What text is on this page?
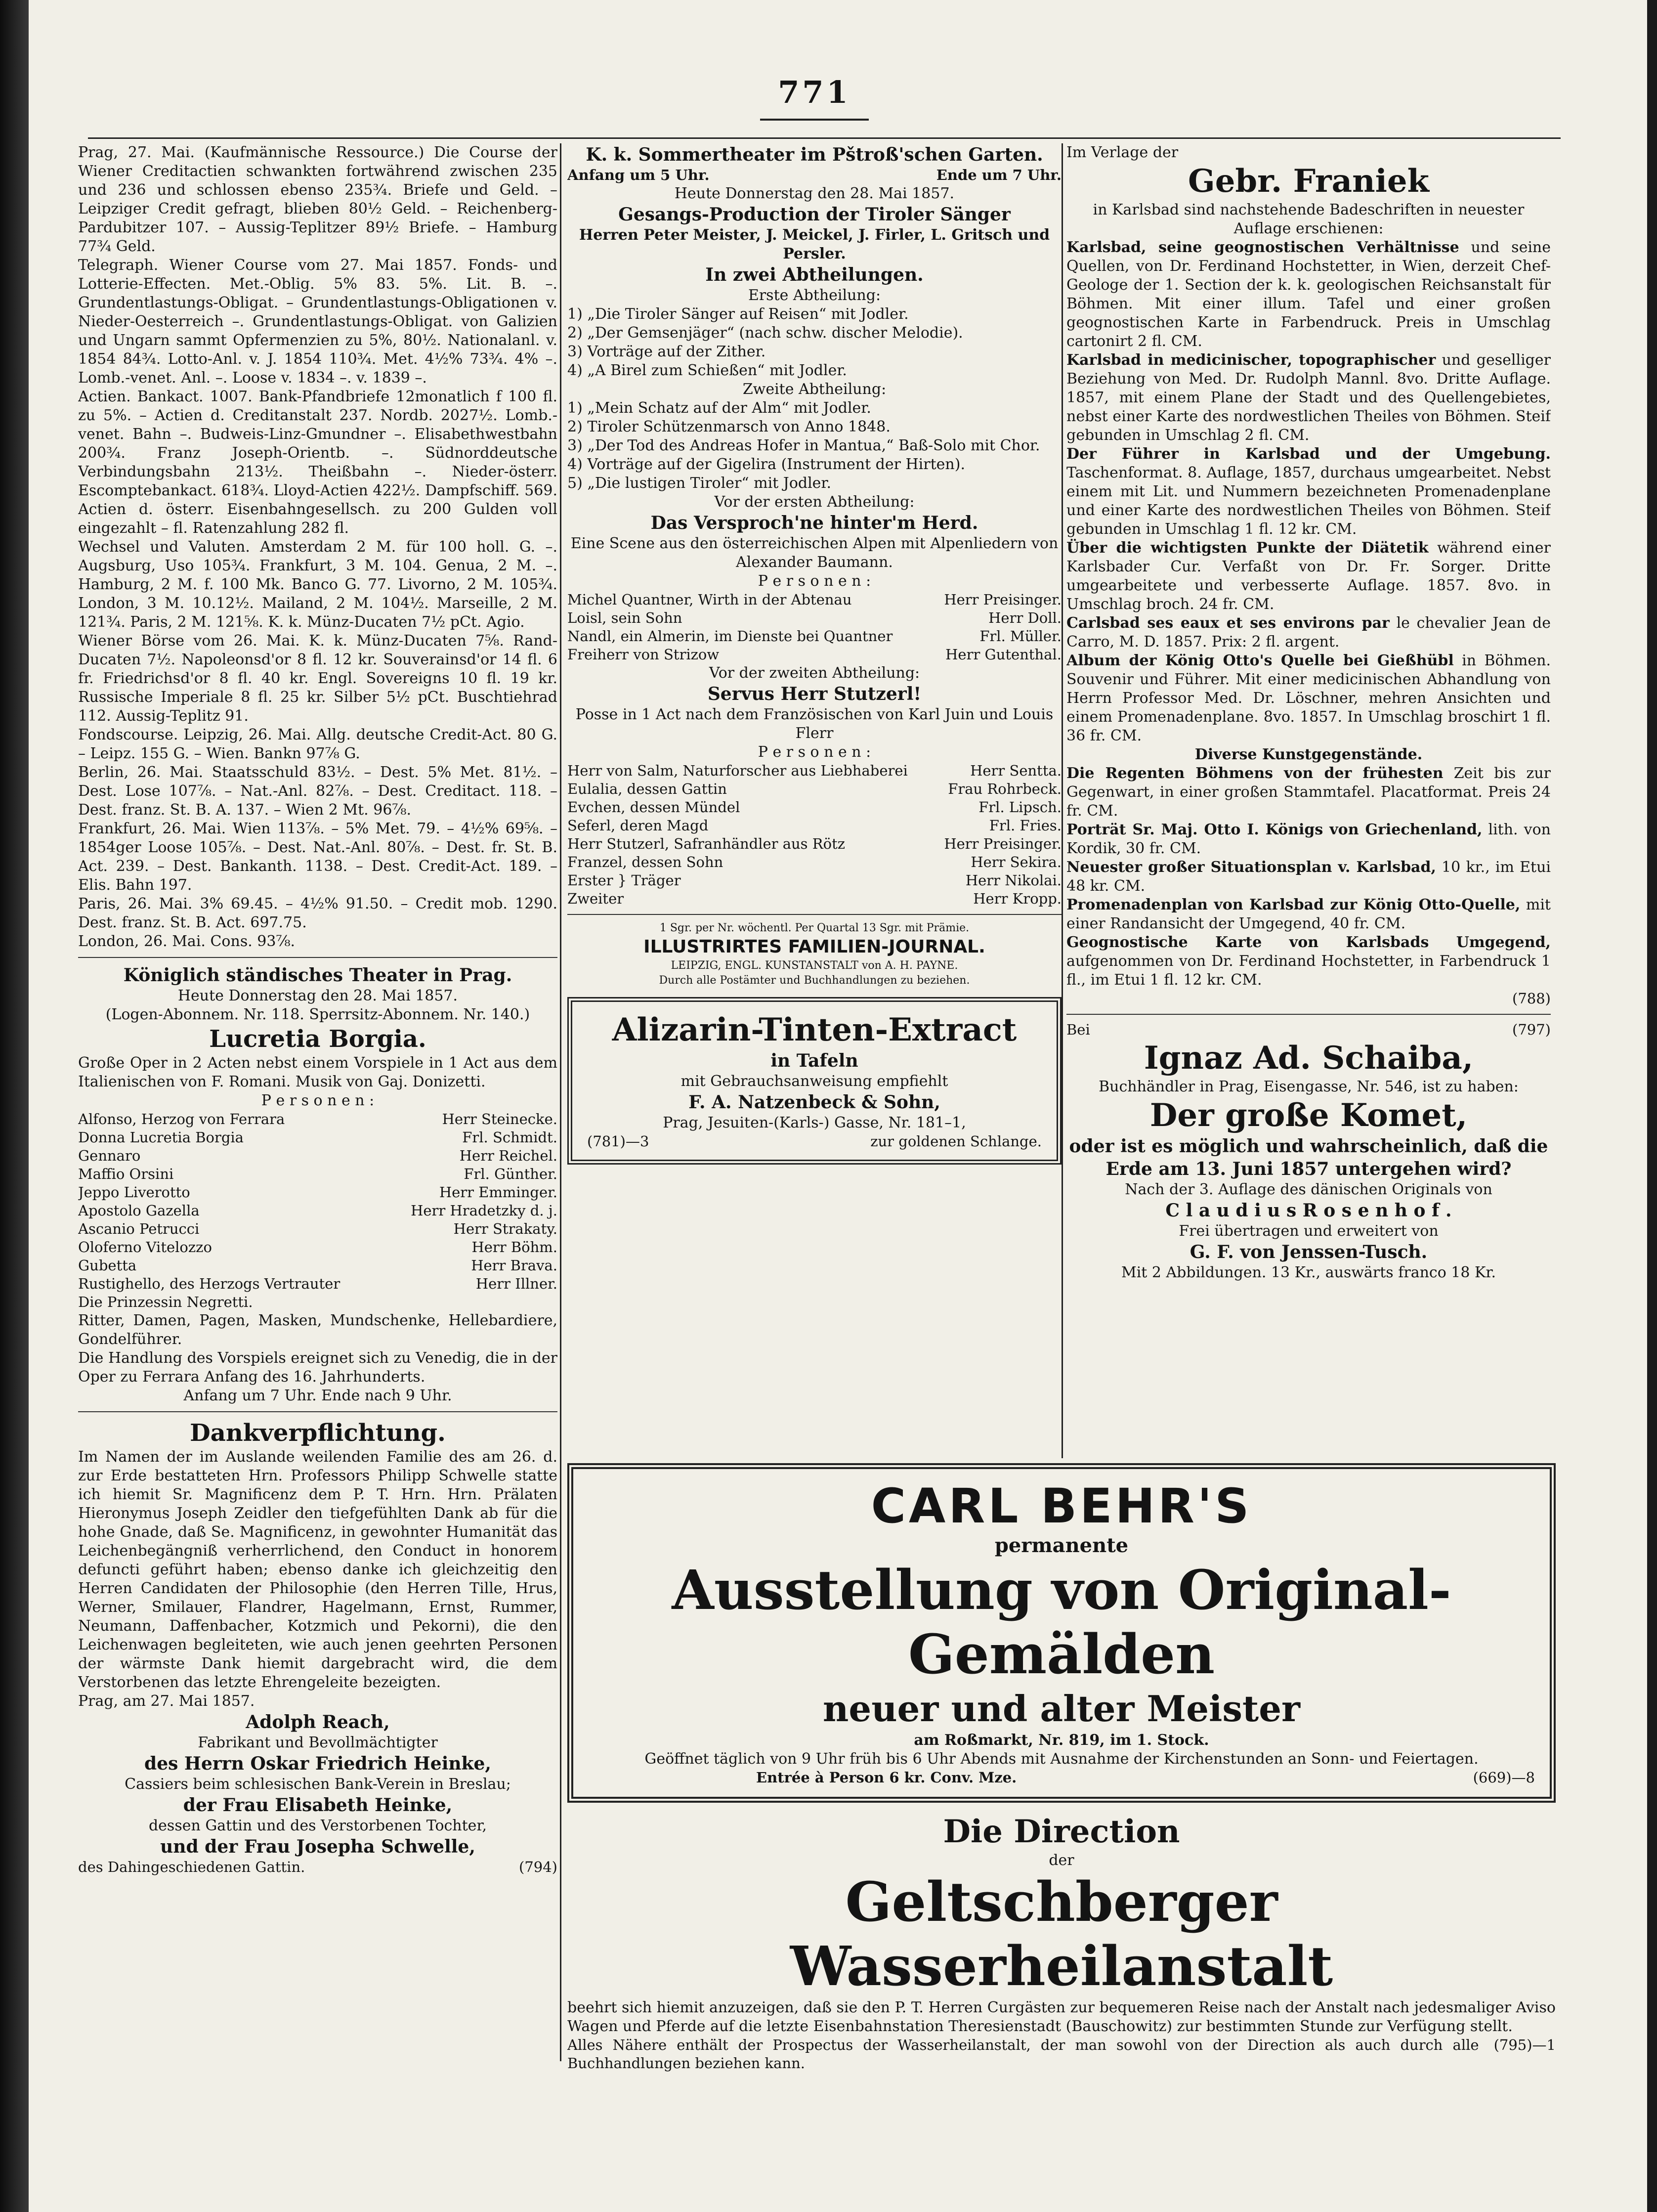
771

Prag, 27. Mai. (Kaufmännische Ressource.) Die Course der Wiener Creditactien schwankten fortwährend zwischen 235 und 236 und schlossen ebenso 235¾. Briefe und Geld. – Leipziger Credit gefragt, blieben 80½ Geld. – Reichenberg-Pardubitzer 107. – Aussig-Teplitzer 89½ Briefe. – Hamburg 77¾ Geld.

Telegraph. Wiener Course vom 27. Mai 1857. Fonds- und Lotterie-Effecten. Met.-Oblig. 5% 83. 5%. Lit. B. –. Grundentlastungs-Obligat. – Grundentlastungs-Obligationen v. Nieder-Oesterreich –. Grundentlastungs-Obligat. von Galizien und Ungarn sammt Opfermenzien zu 5%, 80½. Nationalanl. v. 1854 84¾. Lotto-Anl. v. J. 1854 110¾. Met. 4½% 73¾. 4% –. Lomb.-venet. Anl. –. Loose v. 1834 –. v. 1839 –.

Actien. Bankact. 1007. Bank-Pfandbriefe 12monatlich f 100 fl. zu 5%. – Actien d. Creditanstalt 237. Nordb. 2027½. Lomb.-venet. Bahn –. Budweis-Linz-Gmundner –. Elisabethwestbahn 200¾. Franz Joseph-Orientb. –. Südnorddeutsche Verbindungsbahn 213½. Theißbahn –. Nieder-österr. Escomptebankact. 618¾. Lloyd-Actien 422½. Dampfschiff. 569. Actien d. österr. Eisenbahngesellsch. zu 200 Gulden voll eingezahlt – fl. Ratenzahlung 282 fl.

Wechsel und Valuten. Amsterdam 2 M. für 100 holl. G. –. Augsburg, Uso 105¾. Frankfurt, 3 M. 104. Genua, 2 M. –. Hamburg, 2 M. f. 100 Mk. Banco G. 77. Livorno, 2 M. 105¾. London, 3 M. 10.12½. Mailand, 2 M. 104½. Marseille, 2 M. 121¾. Paris, 2 M. 121⅝. K. k. Münz-Ducaten 7½ pCt. Agio.

Wiener Börse vom 26. Mai. K. k. Münz-Ducaten 7⅝. Rand-Ducaten 7½. Napoleonsd'or 8 fl. 12 kr. Souverainsd'or 14 fl. 6 fr. Friedrichsd'or 8 fl. 40 kr. Engl. Sovereigns 10 fl. 19 kr. Russische Imperiale 8 fl. 25 kr. Silber 5½ pCt. Buschtiehrad 112. Aussig-Teplitz 91.

Fondscourse. Leipzig, 26. Mai. Allg. deutsche Credit-Act. 80 G. – Leipz. 155 G. – Wien. Bankn 97⅞ G.

Berlin, 26. Mai. Staatsschuld 83½. – Dest. 5% Met. 81½. – Dest. Lose 107⅞. – Nat.-Anl. 82⅞. – Dest. Creditact. 118. – Dest. franz. St. B. A. 137. – Wien 2 Mt. 96⅞.

Frankfurt, 26. Mai. Wien 113⅞. – 5% Met. 79. – 4½% 69⅝. – 1854ger Loose 105⅞. – Dest. Nat.-Anl. 80⅞. – Dest. fr. St. B. Act. 239. – Dest. Bankanth. 1138. – Dest. Credit-Act. 189. – Elis. Bahn 197.

Paris, 26. Mai. 3% 69.45. – 4½% 91.50. – Credit mob. 1290. Dest. franz. St. B. Act. 697.75.

London, 26. Mai. Cons. 93⅞.

Königlich ständisches Theater in Prag.
Heute Donnerstag den 28. Mai 1857.
(Logen-Abonnem. Nr. 118. Sperrsitz-Abonnem. Nr. 140.)
Lucretia Borgia.

Große Oper in 2 Acten nebst einem Vorspiele in 1 Act aus dem Italienischen von F. Romani. Musik von Gaj. Donizetti.

P e r s o n e n :
Alfonso, Herzog von Ferrara	Herr Steinecke.
Donna Lucretia Borgia	Frl. Schmidt.
Gennaro	Herr Reichel.
Maffio Orsini	Frl. Günther.
Jeppo Liverotto	Herr Emminger.
Apostolo Gazella	Herr Hradetzky d. j.
Ascanio Petrucci	Herr Strakaty.
Oloferno Vitelozzo	Herr Böhm.
Gubetta	Herr Brava.
Rustighello, des Herzogs Vertrauter	Herr Illner.
Die Prinzessin Negretti.

Ritter, Damen, Pagen, Masken, Mundschenke, Hellebardiere, Gondelführer.

Die Handlung des Vorspiels ereignet sich zu Venedig, die in der Oper zu Ferrara Anfang des 16. Jahrhunderts.

Anfang um 7 Uhr. Ende nach 9 Uhr.
Dankverpflichtung.

Im Namen der im Auslande weilenden Familie des am 26. d. zur Erde bestatteten Hrn. Professors Philipp Schwelle statte ich hiemit Sr. Magnificenz dem P. T. Hrn. Hrn. Prälaten Hieronymus Joseph Zeidler den tiefgefühlten Dank ab für die hohe Gnade, daß Se. Magnificenz, in gewohnter Humanität das Leichenbegängniß verherrlichend, den Conduct in honorem defuncti geführt haben; ebenso danke ich gleichzeitig den Herren Candidaten der Philosophie (den Herren Tille, Hrus, Werner, Smilauer, Flandrer, Hagelmann, Ernst, Rummer, Neumann, Daffenbacher, Kotzmich und Pekorni), die den Leichenwagen begleiteten, wie auch jenen geehrten Personen der wärmste Dank hiemit dargebracht wird, die dem Verstorbenen das letzte Ehrengeleite bezeigten.

Prag, am 27. Mai 1857.
Adolph Reach,
Fabrikant und Bevollmächtigter
des Herrn Oskar Friedrich Heinke,
Cassiers beim schlesischen Bank-Verein in Breslau;
der Frau Elisabeth Heinke,
dessen Gattin und des Verstorbenen Tochter,
und der Frau Josepha Schwelle,
des Dahingeschiedenen Gattin.	(794)
K. k. Sommertheater im Pštroß'schen Garten.
Anfang um 5 Uhr.	Ende um 7 Uhr.
Heute Donnerstag den 28. Mai 1857.
Gesangs-Production der Tiroler Sänger
Herren Peter Meister, J. Meickel, J. Firler, L. Gritsch und Persler.
In zwei Abtheilungen.
Erste Abtheilung:
1) „Die Tiroler Sänger auf Reisen“ mit Jodler.
2) „Der Gemsenjäger“ (nach schw. discher Melodie).
3) Vorträge auf der Zither.
4) „A Birel zum Schießen“ mit Jodler.
Zweite Abtheilung:
1) „Mein Schatz auf der Alm“ mit Jodler.
2) Tiroler Schützenmarsch von Anno 1848.
3) „Der Tod des Andreas Hofer in Mantua,“ Baß-Solo mit Chor.
4) Vorträge auf der Gigelira (Instrument der Hirten).
5) „Die lustigen Tiroler“ mit Jodler.
Vor der ersten Abtheilung:
Das Versproch'ne hinter'm Herd.

Eine Scene aus den österreichischen Alpen mit Alpenliedern von Alexander Baumann.

P e r s o n e n :
Michel Quantner, Wirth in der Abtenau	Herr Preisinger.
Loisl, sein Sohn	Herr Doll.
Nandl, ein Almerin, im Dienste bei Quantner	Frl. Müller.
Freiherr von Strizow	Herr Gutenthal.
Vor der zweiten Abtheilung:
Servus Herr Stutzerl!

Posse in 1 Act nach dem Französischen von Karl Juin und Louis Flerr

P e r s o n e n :
Herr von Salm, Naturforscher aus Liebhaberei	Herr Sentta.
Eulalia, dessen Gattin	Frau Rohrbeck.
Evchen, dessen Mündel	Frl. Lipsch.
Seferl, deren Magd	Frl. Fries.
Herr Stutzerl, Safranhändler aus Rötz	Herr Preisinger.
Franzel, dessen Sohn	Herr Sekira.
Erster } Träger	Herr Nikolai.
Zweiter	Herr Kropp.
1 Sgr. per Nr. wöchentl. Per Quartal 13 Sgr. mit Prämie.
ILLUSTRIRTES FAMILIEN-JOURNAL.
LEIPZIG, ENGL. KUNSTANSTALT von A. H. PAYNE.
Durch alle Postämter und Buchhandlungen zu beziehen.
Alizarin-Tinten-Extract
in Tafeln
mit Gebrauchsanweisung empfiehlt
F. A. Natzenbeck & Sohn,
Prag, Jesuiten-(Karls-) Gasse, Nr. 181–1,
(781)—3	zur goldenen Schlange.
Im Verlage der
Gebr. Franiek
in Karlsbad sind nachstehende Badeschriften in neuester Auflage erschienen:

Karlsbad, seine geognostischen Verhältnisse und seine Quellen, von Dr. Ferdinand Hochstetter, in Wien, derzeit Chef-Geologe der 1. Section der k. k. geologischen Reichsanstalt für Böhmen. Mit einer illum. Tafel und einer großen geognostischen Karte in Farbendruck. Preis in Umschlag cartonirt 2 fl. CM.

Karlsbad in medicinischer, topographischer und geselliger Beziehung von Med. Dr. Rudolph Mannl. 8vo. Dritte Auflage. 1857, mit einem Plane der Stadt und des Quellengebietes, nebst einer Karte des nordwestlichen Theiles von Böhmen. Steif gebunden in Umschlag 2 fl. CM.

Der Führer in Karlsbad und der Umgebung. Taschenformat. 8. Auflage, 1857, durchaus umgearbeitet. Nebst einem mit Lit. und Nummern bezeichneten Promenadenplane und einer Karte des nordwestlichen Theiles von Böhmen. Steif gebunden in Umschlag 1 fl. 12 kr. CM.

Über die wichtigsten Punkte der Diätetik während einer Karlsbader Cur. Verfaßt von Dr. Fr. Sorger. Dritte umgearbeitete und verbesserte Auflage. 1857. 8vo. in Umschlag broch. 24 fr. CM.

Carlsbad ses eaux et ses environs par le chevalier Jean de Carro, M. D. 1857. Prix: 2 fl. argent.

Album der König Otto's Quelle bei Gießhübl in Böhmen. Souvenir und Führer. Mit einer medicinischen Abhandlung von Herrn Professor Med. Dr. Löschner, mehren Ansichten und einem Promenadenplane. 8vo. 1857. In Umschlag broschirt 1 fl. 36 fr. CM.

Diverse Kunstgegenstände.

Die Regenten Böhmens von der frühesten Zeit bis zur Gegenwart, in einer großen Stammtafel. Placatformat. Preis 24 fr. CM.

Porträt Sr. Maj. Otto I. Königs von Griechenland, lith. von Kordik, 30 fr. CM.

Neuester großer Situationsplan v. Karlsbad, 10 kr., im Etui 48 kr. CM.

Promenadenplan von Karlsbad zur König Otto-Quelle, mit einer Randansicht der Umgegend, 40 fr. CM.

Geognostische Karte von Karlsbads Umgegend, aufgenommen von Dr. Ferdinand Hochstetter, in Farbendruck 1 fl., im Etui 1 fl. 12 kr. CM.

(788)
Bei	(797)
Ignaz Ad. Schaiba,
Buchhändler in Prag, Eisengasse, Nr. 546, ist zu haben:
Der große Komet,
oder ist es möglich und wahrscheinlich, daß die Erde am 13. Juni 1857 untergehen wird?
Nach der 3. Auflage des dänischen Originals von
C l a u d i u s R o s e n h o f .
Frei übertragen und erweitert von
G. F. von Jenssen-Tusch.
Mit 2 Abbildungen. 13 Kr., auswärts franco 18 Kr.
CARL BEHR'S
permanente
Ausstellung von Original-Gemälden
neuer und alter Meister
am Roßmarkt, Nr. 819, im 1. Stock.
Geöffnet täglich von 9 Uhr früh bis 6 Uhr Abends mit Ausnahme der Kirchenstunden an Sonn- und Feiertagen.
Entrée à Person 6 kr. Conv. Mze.	(669)—8
Die Direction
der
Geltschberger Wasserheilanstalt

beehrt sich hiemit anzuzeigen, daß sie den P. T. Herren Curgästen zur bequemeren Reise nach der Anstalt nach jedesmaliger Aviso Wagen und Pferde auf die letzte Eisenbahnstation Theresienstadt (Bauschowitz) zur bestimmten Stunde zur Verfügung stellt.

Alles Nähere enthält der Prospectus der Wasserheilanstalt, der man sowohl von der Direction als auch durch alle Buchhandlungen beziehen kann.
(795)—1
